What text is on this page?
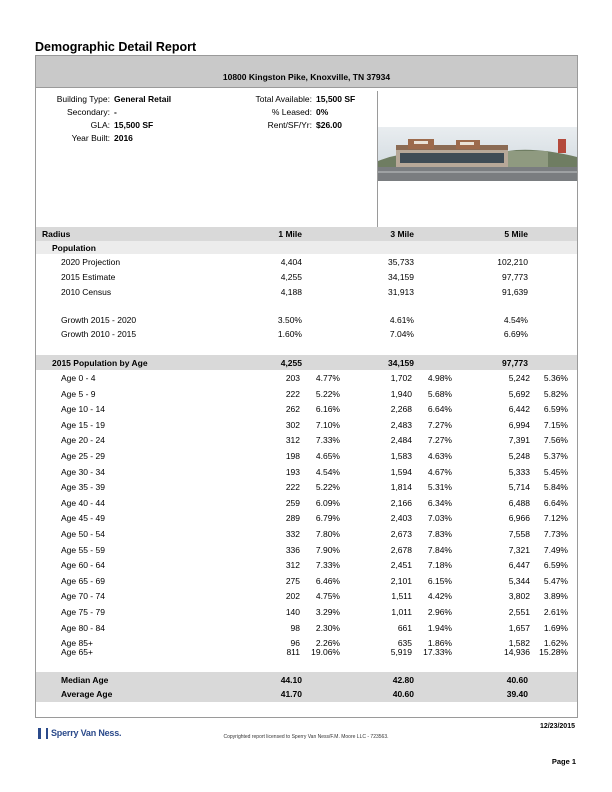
Demographic Detail Report
10800 Kingston Pike, Knoxville, TN 37934
Building Type: General Retail
Secondary: -
GLA: 15,500 SF
Year Built: 2016
Total Available: 15,500 SF
% Leased: 0%
Rent/SF/Yr: $26.00
Radius	1 Mile	3 Mile	5 Mile
Population
2020 Projection	4,404	35,733	102,210
2015 Estimate	4,255	34,159	97,773
2010 Census	4,188	31,913	91,639
Growth 2015 - 2020	3.50%	4.61%	4.54%
Growth 2010 - 2015	1.60%	7.04%	6.69%
2015 Population by Age	4,255	34,159	97,773
Age 0 - 4	203	4.77%	1,702	4.98%	5,242	5.36%
Age 5 - 9	222	5.22%	1,940	5.68%	5,692	5.82%
Age 10 - 14	262	6.16%	2,268	6.64%	6,442	6.59%
Age 15 - 19	302	7.10%	2,483	7.27%	6,994	7.15%
Age 20 - 24	312	7.33%	2,484	7.27%	7,391	7.56%
Age 25 - 29	198	4.65%	1,583	4.63%	5,248	5.37%
Age 30 - 34	193	4.54%	1,594	4.67%	5,333	5.45%
Age 35 - 39	222	5.22%	1,814	5.31%	5,714	5.84%
Age 40 - 44	259	6.09%	2,166	6.34%	6,488	6.64%
Age 45 - 49	289	6.79%	2,403	7.03%	6,966	7.12%
Age 50 - 54	332	7.80%	2,673	7.83%	7,558	7.73%
Age 55 - 59	336	7.90%	2,678	7.84%	7,321	7.49%
Age 60 - 64	312	7.33%	2,451	7.18%	6,447	6.59%
Age 65 - 69	275	6.46%	2,101	6.15%	5,344	5.47%
Age 70 - 74	202	4.75%	1,511	4.42%	3,802	3.89%
Age 75 - 79	140	3.29%	1,011	2.96%	2,551	2.61%
Age 80 - 84	98	2.30%	661	1.94%	1,657	1.69%
Age 85+	96	2.26%	635	1.86%	1,582	1.62%
Age 65+	811	19.06%	5,919	17.33%	14,936	15.28%
Median Age	44.10	42.80	40.60
Average Age	41.70	40.60	39.40
Sperry Van Ness.	Copyrighted report licensed to Sperry Van Ness/F.M. Moore LLC - 723563.
12/23/2015
Page 1
